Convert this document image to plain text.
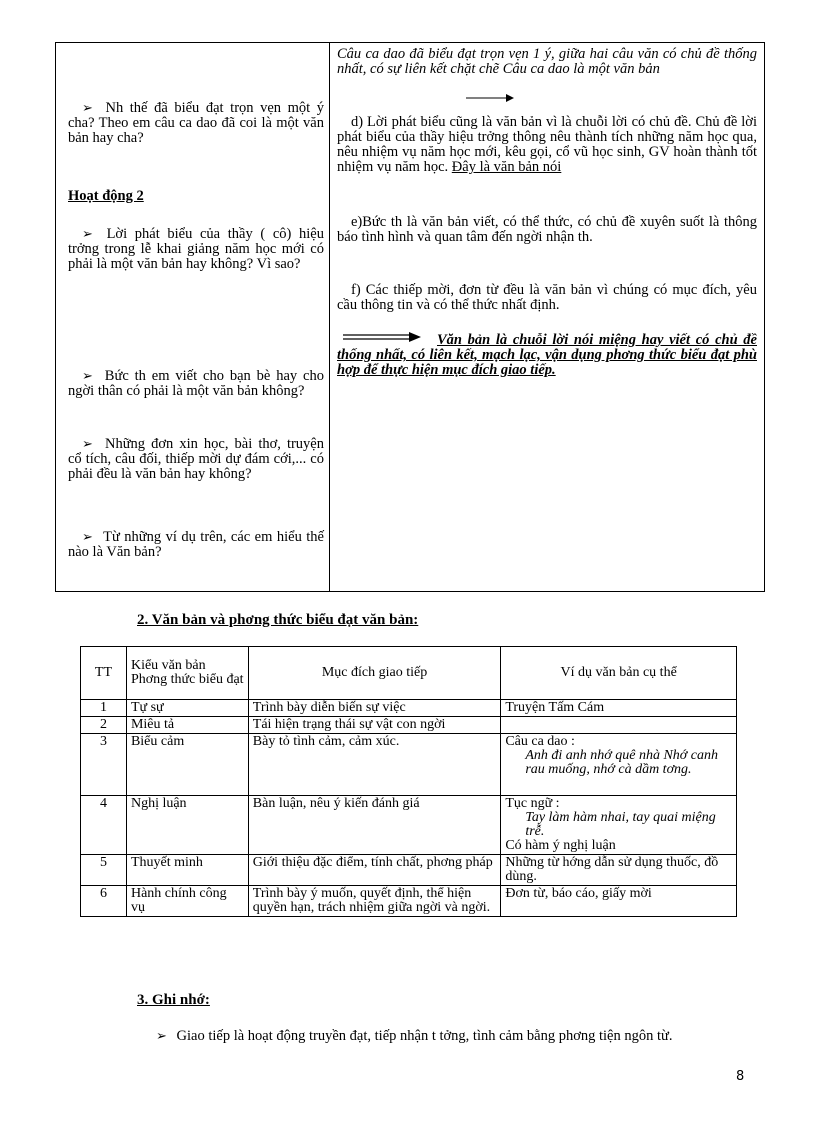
Câu ca dao đã biểu đạt trọn vẹn 1 ý, giữa hai câu văn có chủ đề thống nhất, có sự liên kết chặt chẽ Câu ca dao là một văn bản
d) Lời phát biểu cũng là văn bản vì là chuỗi lời có chủ đề. Chủ đề lời phát biểu của thầy hiệu trởng thông nêu thành tích những năm học qua, nêu nhiệm vụ năm học mới, kêu gọi, cổ vũ học sinh, GV hoàn thành tốt nhiệm vụ năm học. Đây là văn bản nói
e)Bức th là văn bản viết, có thể thức, có chủ đề xuyên suốt là thông báo tình hình và quan tâm đến ngời nhận th.
f) Các thiếp mời, đơn từ đều là văn bản vì chúng có mục đích, yêu cầu thông tin và có thể thức nhất định.
Văn bản là chuỗi lời nói miệng hay viết có chủ đề thống nhất, có liên kết, mạch lạc, vận dụng phơng thức biểu đạt phù hợp để thực hiện mục đích giao tiếp.
➢ Nh thế đã biểu đạt trọn vẹn một ý cha? Theo em câu ca dao đã coi là một văn bản hay cha?
Hoạt động 2
➢ Lời phát biểu của thầy ( cô) hiệu trởng trong lễ khai giảng năm học mới có phải là một văn bản hay không? Vì sao?
➢ Bức th em viết cho bạn bè hay cho ngời thân có phải là một văn bản không?
➢ Những đơn xin học, bài thơ, truyện cổ tích, câu đối, thiếp mời dự đám cới,... có phải đều là văn bản hay không?
➢ Từ những ví dụ trên, các em hiểu thế nào là Văn bản?
2. Văn bản và phơng thức biểu đạt văn bản:
TT	Kiểu văn bản Phơng thức biểu đạt	Mục đích giao tiếp	Ví dụ văn bản cụ thể
1	Tự sự	Trình bày diễn biến sự việc	Truyện Tấm Cám
2	Miêu tả	Tái hiện trạng thái sự vật con ngời	
3	Biểu cảm	Bày tỏ tình cảm, cảm xúc.	Câu ca dao :
Anh đi anh nhớ quê nhà Nhớ canh rau muống, nhớ cà dầm tơng.

4	Nghị luận	Bàn luận, nêu ý kiến đánh giá	Tục ngữ :
Tay làm hàm nhai, tay quai miệng trễ.
Có hàm ý nghị luận

5	Thuyết minh	Giới thiệu đặc điểm, tính chất, phơng pháp	Những từ hớng dẫn sử dụng thuốc, đồ dùng.
6	Hành chính công vụ	Trình bày ý muốn, quyết định, thể hiện quyền hạn, trách nhiệm giữa ngời và ngời.	Đơn từ, báo cáo, giấy mời
3. Ghi nhớ:
➢ Giao tiếp là hoạt động truyền đạt, tiếp nhận t tởng, tình cảm bằng phơng tiện ngôn từ.
8
